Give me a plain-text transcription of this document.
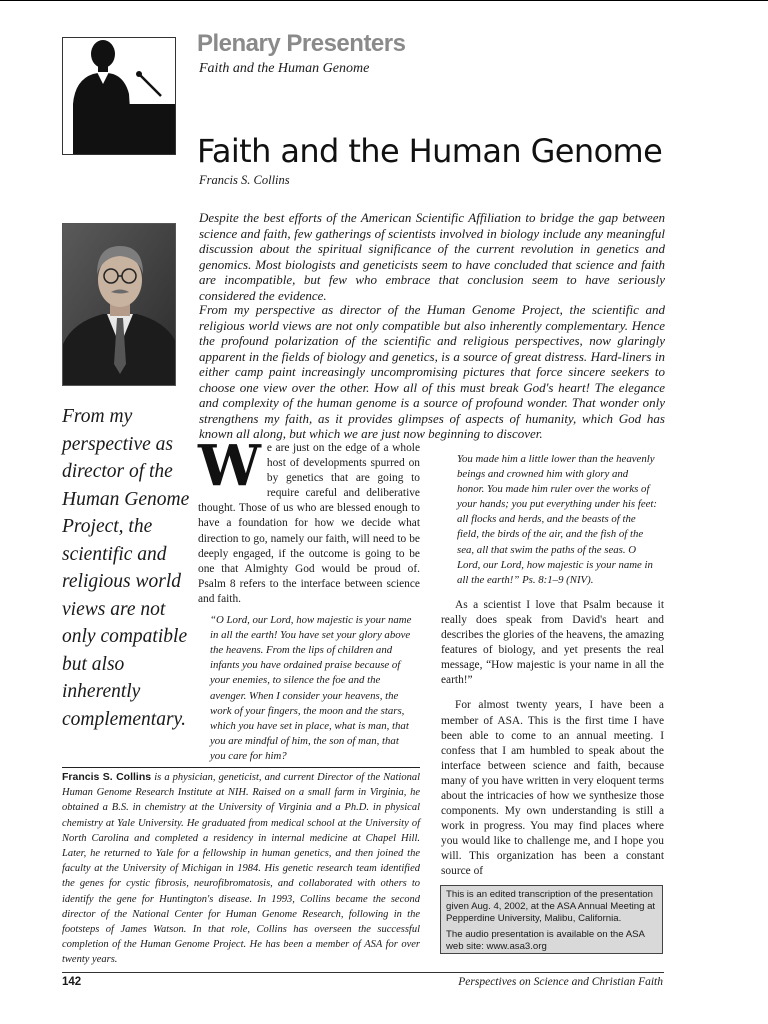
Plenary Presenters
Faith and the Human Genome
Faith and the Human Genome
Francis S. Collins

Despite the best efforts of the American Scientific Affiliation to bridge the gap between science and faith, few gatherings of scientists involved in biology include any meaningful discussion about the spiritual significance of the current revolution in genetics and genomics. Most biologists and geneticists seem to have concluded that science and faith are incompatible, but few who embrace that conclusion seem to have seriously considered the evidence.

From my perspective as director of the Human Genome Project, the scientific and religious world views are not only compatible but also inherently complementary. Hence the profound polarization of the scientific and religious perspectives, now glaringly apparent in the fields of biology and genetics, is a source of great distress. Hard-liners in either camp paint increasingly uncompromising pictures that force sincere seekers to choose one view over the other. How all of this must break God's heart! The elegance and complexity of the human genome is a source of profound wonder. That wonder only strengthens my faith, as it provides glimpses of aspects of humanity, which God has known all along, but which we are just now beginning to discover.

From my perspective as director of the Human Genome Project, the scientific and religious world views are not only compatible but also inherently complementary.

We are just on the edge of a whole host of developments spurred on by genetics that are going to require careful and deliberative thought. Those of us who are blessed enough to have a foundation for how we decide what direction to go, namely our faith, will need to be deeply engaged, if the outcome is going to be one that Almighty God would be proud of. Psalm 8 refers to the interface between science and faith.

“O Lord, our Lord, how majestic is your name in all the earth! You have set your glory above the heavens. From the lips of children and infants you have ordained praise because of your enemies, to silence the foe and the avenger. When I consider your heavens, the work of your fingers, the moon and the stars, which you have set in place, what is man, that you are mindful of him, the son of man, that you care for him?

You made him a little lower than the heavenly beings and crowned him with glory and honor. You made him ruler over the works of your hands; you put everything under his feet: all flocks and herds, and the beasts of the field, the birds of the air, and the fish of the sea, all that swim the paths of the seas. O Lord, our Lord, how majestic is your name in all the earth!” Ps. 8:1–9 (NIV).

As a scientist I love that Psalm because it really does speak from David's heart and describes the glories of the heavens, the amazing features of biology, and yet presents the real message, “How majestic is your name in all the earth!”

For almost twenty years, I have been a member of ASA. This is the first time I have been able to come to an annual meeting. I confess that I am humbled to speak about the interface between science and faith, because many of you have written in very eloquent terms about the intricacies of how we synthesize those components. My own understanding is still a work in progress. You may find places where you would like to challenge me, and I hope you will. This organization has been a constant source of

Francis S. Collins is a physician, geneticist, and current Director of the National Human Genome Research Institute at NIH. Raised on a small farm in Virginia, he obtained a B.S. in chemistry at the University of Virginia and a Ph.D. in physical chemistry at Yale University. He graduated from medical school at the University of North Carolina and completed a residency in internal medicine at Chapel Hill. Later, he returned to Yale for a fellowship in human genetics, and then joined the faculty at the University of Michigan in 1984. His genetic research team identified the genes for cystic fibrosis, neurofibromatosis, and collaborated with others to identify the gene for Huntington's disease. In 1993, Collins became the second director of the National Center for Human Genome Research, following in the footsteps of James Watson. In that role, Collins has overseen the successful completion of the Human Genome Project. He has been a member of ASA for over twenty years.

This is an edited transcription of the presentation given Aug. 4, 2002, at the ASA Annual Meeting at Pepperdine University, Malibu, California.

The audio presentation is available on the ASA web site: www.asa3.org

142	Perspectives on Science and Christian Faith
